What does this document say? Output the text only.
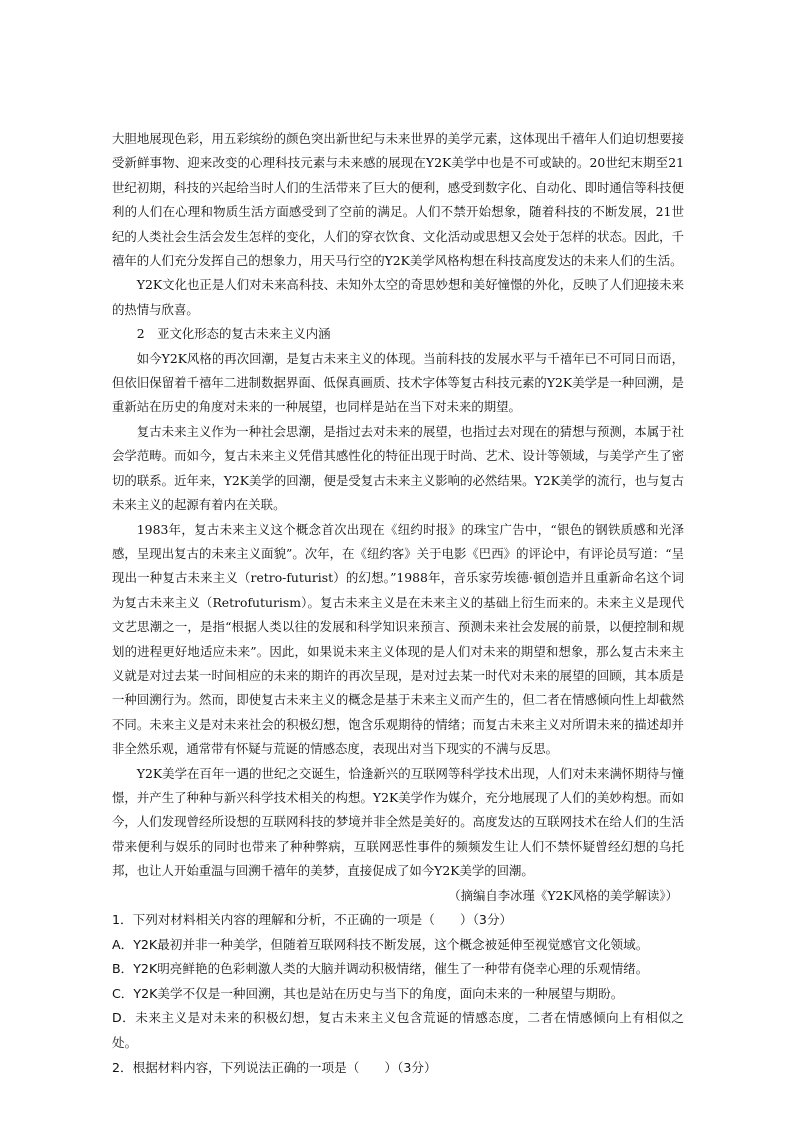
大胆地展现色彩，用五彩缤纷的颜色突出新世纪与未来世界的美学元素，这体现出千禧年人们迫切想要接受新鲜事物、迎来改变的心理科技元素与未来感的展现在Y2K美学中也是不可或缺的。20世纪末期至21世纪初期，科技的兴起给当时人们的生活带来了巨大的便利，感受到数字化、自动化、即时通信等科技便利的人们在心理和物质生活方面感受到了空前的满足。人们不禁开始想象，随着科技的不断发展，21世纪的人类社会生活会发生怎样的变化，人们的穿衣饮食、文化活动或思想又会处于怎样的状态。因此，千禧年的人们充分发挥自己的想象力，用天马行空的Y2K美学风格构想在科技高度发达的未来人们的生活。

Y2K文化也正是人们对未来高科技、未知外太空的奇思妙想和美好憧憬的外化，反映了人们迎接未来的热情与欣喜。

2　亚文化形态的复古未来主义内涵

如今Y2K风格的再次回潮，是复古未来主义的体现。当前科技的发展水平与千禧年已不可同日而语，但依旧保留着千禧年二进制数据界面、低保真画质、技术字体等复古科技元素的Y2K美学是一种回溯，是重新站在历史的角度对未来的一种展望，也同样是站在当下对未来的期望。

复古未来主义作为一种社会思潮，是指过去对未来的展望，也指过去对现在的猜想与预测，本属于社会学范畴。而如今，复古未来主义凭借其感性化的特征出现于时尚、艺术、设计等领域，与美学产生了密切的联系。近年来，Y2K美学的回潮，便是受复古未来主义影响的必然结果。Y2K美学的流行，也与复古未来主义的起源有着内在关联。

1983年，复古未来主义这个概念首次出现在《纽约时报》的珠宝广告中，“银色的钢铁质感和光泽感，呈现出复古的未来主义面貌”。次年，在《纽约客》关于电影《巴西》的评论中，有评论员写道：“呈现出一种复古未来主义（retro-futurist）的幻想。”1988年，音乐家劳埃德·頓创造并且重新命名这个词为复古未来主义（Retrofuturism）。复古未来主义是在未来主义的基础上衍生而来的。未来主义是现代文艺思潮之一，是指“根据人类以往的发展和科学知识来预言、预测未来社会发展的前景，以便控制和规划的进程更好地适应未来”。因此，如果说未来主义体现的是人们对未来的期望和想象，那么复古未来主义就是对过去某一时间相应的未来的期许的再次呈现，是对过去某一时代对未来的展望的回顾，其本质是一种回溯行为。然而，即使复古未来主义的概念是基于未来主义而产生的，但二者在情感倾向性上却截然不同。未来主义是对未来社会的积极幻想，饱含乐观期待的情绪；而复古未来主义对所谓未来的描述却并非全然乐观，通常带有怀疑与荒诞的情感态度，表现出对当下现实的不满与反思。

Y2K美学在百年一遇的世纪之交诞生，恰逢新兴的互联网等科学技术出现，人们对未来满怀期待与憧憬，并产生了种种与新兴科学技术相关的构想。Y2K美学作为媒介，充分地展现了人们的美妙构想。而如今，人们发现曾经所设想的互联网科技的梦境并非全然是美好的。高度发达的互联网技术在给人们的生活带来便利与娱乐的同时也带来了种种弊病，互联网恶性事件的频频发生让人们不禁怀疑曾经幻想的乌托邦，也让人开始重温与回溯千禧年的美梦，直接促成了如今Y2K美学的回潮。

（摘编自李冰瑾《Y2K风格的美学解读》）

1．下列对材料相关内容的理解和分析，不正确的一项是（　　）（3分）

A．Y2K最初并非一种美学，但随着互联网科技不断发展，这个概念被延伸至视觉感官文化领域。

B．Y2K明亮鲜艳的色彩刺激人类的大脑并调动积极情绪，催生了一种带有侥幸心理的乐观情绪。

C．Y2K美学不仅是一种回溯，其也是站在历史与当下的角度，面向未来的一种展望与期盼。

D．未来主义是对未来的积极幻想，复古未来主义包含荒诞的情感态度，二者在情感倾向上有相似之处。

2．根据材料内容，下列说法正确的一项是（　　）（3分）
